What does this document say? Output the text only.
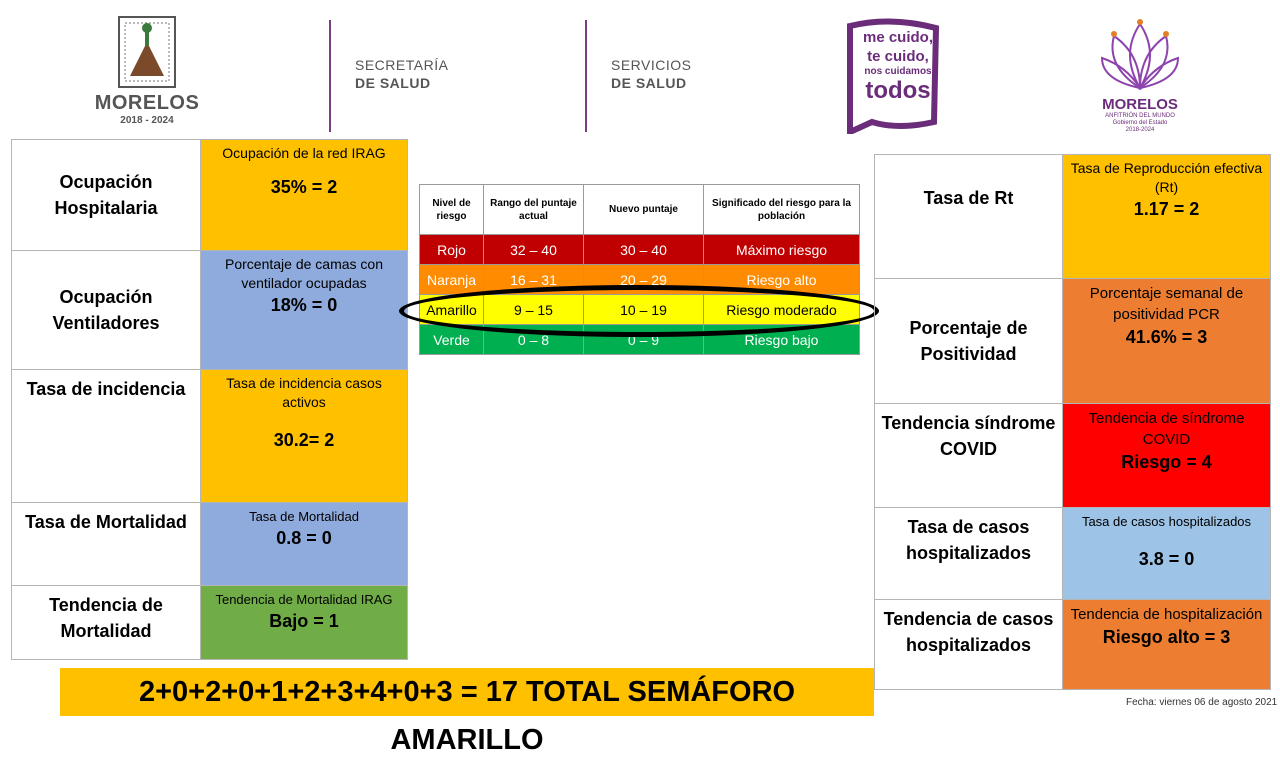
MORELOS
2018 - 2024
SECRETARÍA
DE SALUD
SERVICIOS
DE SALUD
me cuido,
te cuido,
nos cuidamos
todos
MORELOS
ANFITRIÓN DEL MUNDO
Gobierno del Estado
2018-2024
Ocupación Hospitalaria	Ocupación de la red IRAG
35% = 2

Ocupación Ventiladores	Porcentaje de camas con ventilador ocupadas
18% = 0

Tasa de incidencia	Tasa de incidencia casos activos
30.2= 2

Tasa de Mortalidad	Tasa de Mortalidad
0.8 = 0

Tendencia de Mortalidad	Tendencia de Mortalidad IRAG
Bajo = 1
Nivel de riesgo	Rango del puntaje actual	Nuevo puntaje	Significado del riesgo para la población
Rojo	32 – 40	30 – 40	Máximo riesgo
Naranja	16 – 31	20 – 29	Riesgo alto
Amarillo	9 – 15	10 – 19	Riesgo moderado
Verde	0 – 8	0 – 9	Riesgo bajo
Tasa de Rt	Tasa de Reproducción efectiva (Rt)
1.17 = 2

Porcentaje de Positividad	Porcentaje semanal de positividad PCR
41.6% = 3

Tendencia síndrome COVID	Tendencia de síndrome COVID
Riesgo = 4

Tasa de casos hospitalizados	Tasa de casos hospitalizados
3.8 = 0

Tendencia de casos hospitalizados	Tendencia de hospitalización
Riesgo alto = 3
2+0+2+0+1+2+3+4+0+3 = 17 TOTAL SEMÁFORO AMARILLO
Fecha: viernes 06 de agosto 2021
